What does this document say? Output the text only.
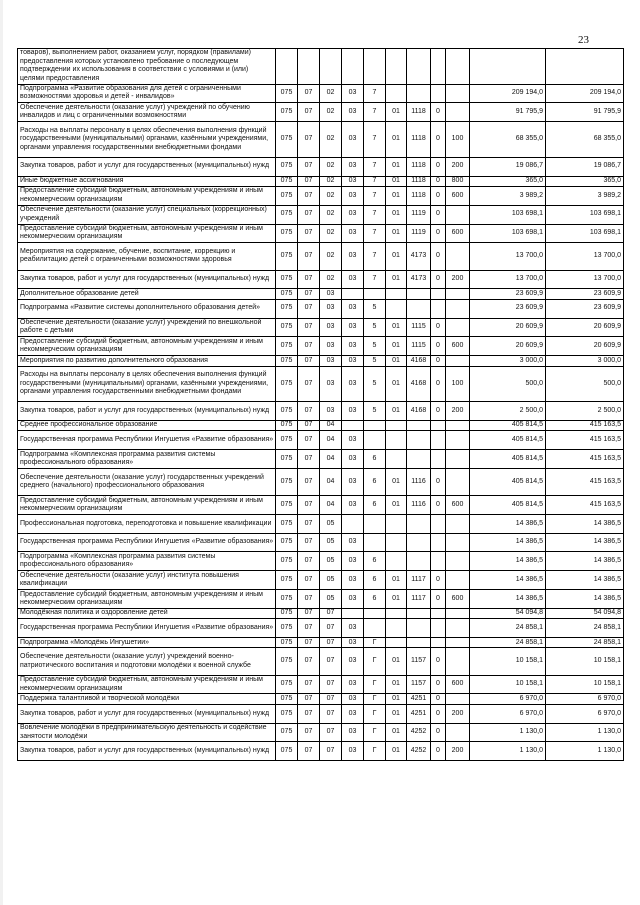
23
товаров), выполнением работ, оказанием услуг, порядком (правилами) предоставления которых установлено требование о последующем подтверждении их использования в соответствии с условиями и (или) целями предоставления											
Подпрограмма «Развитие образования для детей с ограниченными возможностями здоровья и детей - инвалидов»	075	07	02	03	7					209 194,0	209 194,0
Обеспечение деятельности (оказание услуг) учреждений по обучению инвалидов и лиц с ограниченными возможностями	075	07	02	03	7	01	1118	0		91 795,9	91 795,9
Расходы на выплаты персоналу в целях обеспечения выполнения функций государственными (муниципальными) органами, казёнными учреждениями, органами управления государственными внебюджетными фондами	075	07	02	03	7	01	1118	0	100	68 355,0	68 355,0
Закупка товаров, работ и услуг для государственных (муниципальных) нужд	075	07	02	03	7	01	1118	0	200	19 086,7	19 086,7
Иные бюджетные ассигнования	075	07	02	03	7	01	1118	0	800	365,0	365,0
Предоставление субсидий бюджетным, автономным учреждениям и иным некоммерческим организациям	075	07	02	03	7	01	1118	0	600	3 989,2	3 989,2
Обеспечение деятельности (оказание услуг) специальных (коррекционных) учреждений	075	07	02	03	7	01	1119	0		103 698,1	103 698,1
Предоставление субсидий бюджетным, автономным учреждениям и иным некоммерческим организациям	075	07	02	03	7	01	1119	0	600	103 698,1	103 698,1
Мероприятия на содержание, обучение, воспитание, коррекцию и реабилитацию детей с ограниченными возможностями здоровья	075	07	02	03	7	01	4173	0		13 700,0	13 700,0
Закупка товаров, работ и услуг для государственных (муниципальных) нужд	075	07	02	03	7	01	4173	0	200	13 700,0	13 700,0
Дополнительное образование детей	075	07	03							23 609,9	23 609,9
Подпрограмма «Развитие системы дополнительного образования детей»	075	07	03	03	5					23 609,9	23 609,9
Обеспечение деятельности (оказание услуг) учреждений по внешкольной работе с детьми	075	07	03	03	5	01	1115	0		20 609,9	20 609,9
Предоставление субсидий бюджетным, автономным учреждениям и иным некоммерческим организациям	075	07	03	03	5	01	1115	0	600	20 609,9	20 609,9
Мероприятия по развитию дополнительного образования	075	07	03	03	5	01	4168	0		3 000,0	3 000,0
Расходы на выплаты персоналу в целях обеспечения выполнения функций государственными (муниципальными) органами, казёнными учреждениями, органами управления государственными внебюджетными фондами	075	07	03	03	5	01	4168	0	100	500,0	500,0
Закупка товаров, работ и услуг для государственных (муниципальных) нужд	075	07	03	03	5	01	4168	0	200	2 500,0	2 500,0
Среднее профессиональное образование	075	07	04							405 814,5	415 163,5
Государственная программа Республики Ингушетия «Развитие образования»	075	07	04	03						405 814,5	415 163,5
Подпрограмма «Комплексная программа развития системы профессионального образования»	075	07	04	03	6					405 814,5	415 163,5
Обеспечение деятельности (оказание услуг) государственных учреждений среднего (начального) профессионального образования	075	07	04	03	6	01	1116	0		405 814,5	415 163,5
Предоставление субсидий бюджетным, автономным учреждениям и иным некоммерческим организациям	075	07	04	03	6	01	1116	0	600	405 814,5	415 163,5
Профессиональная подготовка, переподготовка и повышение квалификации	075	07	05							14 386,5	14 386,5
Государственная программа Республики Ингушетия «Развитие образования»	075	07	05	03						14 386,5	14 386,5
Подпрограмма «Комплексная программа развития системы профессионального образования»	075	07	05	03	6					14 386,5	14 386,5
Обеспечение деятельности (оказание услуг) института повышения квалификации	075	07	05	03	6	01	1117	0		14 386,5	14 386,5
Предоставление субсидий бюджетным, автономным учреждениям и иным некоммерческим организациям	075	07	05	03	6	01	1117	0	600	14 386,5	14 386,5
Молодёжная политика и оздоровление детей	075	07	07							54 094,8	54 094,8
Государственная программа Республики Ингушетия «Развитие образования»	075	07	07	03						24 858,1	24 858,1
Подпрограмма «Молодёжь Ингушетии»	075	07	07	03	Г					24 858,1	24 858,1
Обеспечение деятельности (оказание услуг) учреждений военно-патриотического воспитания и подготовки молодёжи к военной службе	075	07	07	03	Г	01	1157	0		10 158,1	10 158,1
Предоставление субсидий бюджетным, автономным учреждениям и иным некоммерческим организациям	075	07	07	03	Г	01	1157	0	600	10 158,1	10 158,1
Поддержка талантливой и творческой молодёжи	075	07	07	03	Г	01	4251	0		6 970,0	6 970,0
Закупка товаров, работ и услуг для государственных (муниципальных) нужд	075	07	07	03	Г	01	4251	0	200	6 970,0	6 970,0
Вовлечение молодёжи в предпринимательскую деятельность и содействие занятости молодёжи	075	07	07	03	Г	01	4252	0		1 130,0	1 130,0
Закупка товаров, работ и услуг для государственных (муниципальных) нужд	075	07	07	03	Г	01	4252	0	200	1 130,0	1 130,0
